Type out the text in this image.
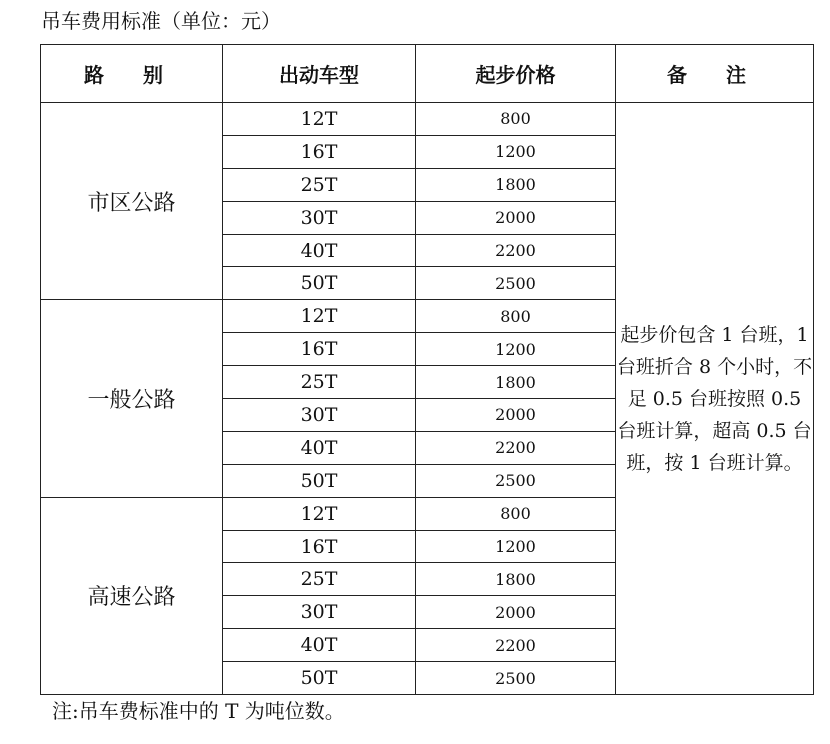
吊车费用标准（单位：元）
路 别	出动车型	起步价格	备 注
市区公路	12T	800	起步价包含 1 台班，1 台班折合 8 个小时，不足 0.5 台班按照 0.5 台班计算，超高 0.5 台班，按 1 台班计算。
	16T	1200	
	25T	1800	
	30T	2000	
	40T	2200	
	50T	2500	
一般公路	12T	800	
	16T	1200	
	25T	1800	
	30T	2000	
	40T	2200	
	50T	2500	
高速公路	12T	800	
	16T	1200	
	25T	1800	
	30T	2000	
	40T	2200	
	50T	2500	
注:吊车费标准中的 T 为吨位数。
